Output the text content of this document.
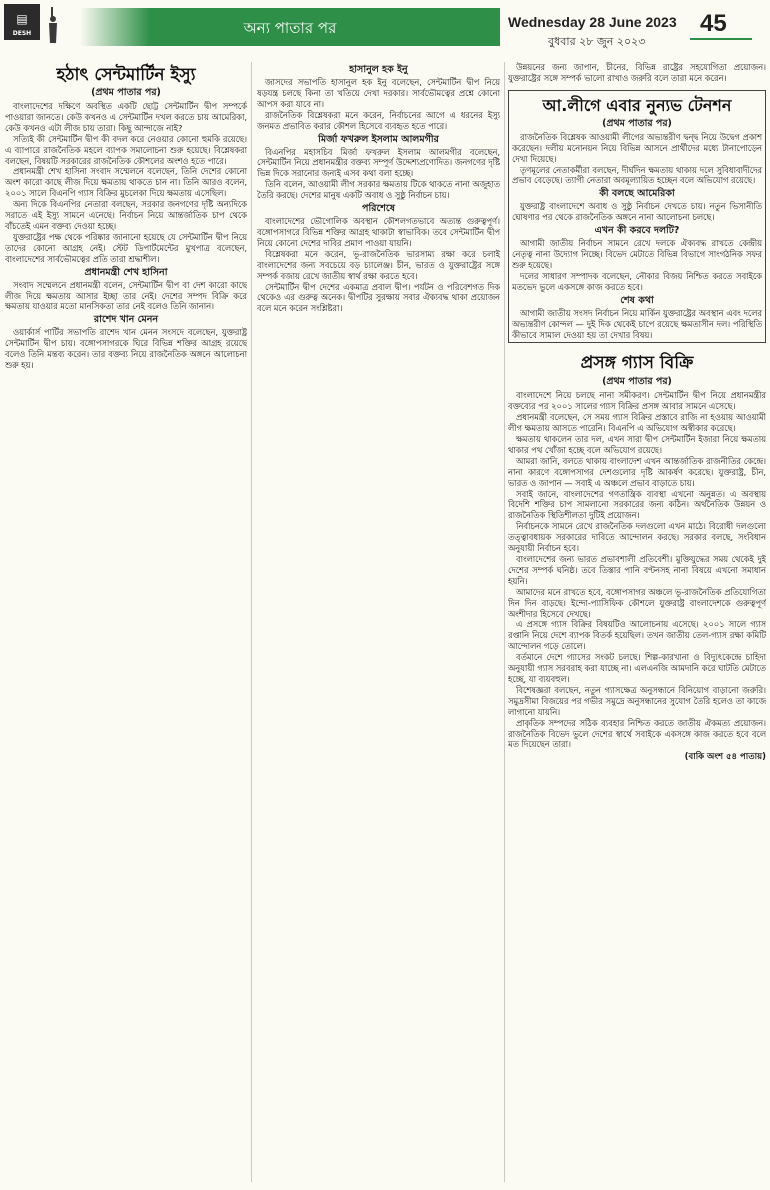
▤
DESH	অন্য পাতার পর	Wednesday 28 June 2023
বুধবার ২৮ জুন ২০২৩
45
হঠাৎ সেন্টমার্টিন ইস্যু
(প্রথম পাতার পর)

বাংলাদেশের দক্ষিণে অবস্থিত একটি ছোট্ট সেন্টমার্টিন দ্বীপ সম্পর্কে পাওয়ারা জানতে। কেউ কখনও এ সেন্টমার্টিন দখল করতে চায় আমেরিকা, কেউ কখনও এটা লীজ চায় তারা। কিছু আন্দাজে নাই?

সত্যিই কী সেন্টমার্টিন দ্বীপ কী বদল করে নেওয়ার কোনো হুমকি রয়েছে। এ ব্যাপারে রাজনৈতিক মহলে ব্যাপক সমালোচনা শুরু হয়েছে। বিশ্লেষকরা বলছেন, বিষয়টি সরকারের রাজনৈতিক কৌশলের অংশও হতে পারে।

প্রধানমন্ত্রী শেখ হাসিনা সংবাদ সম্মেলনে বলেছেন, তিনি দেশের কোনো অংশ কারো কাছে লীজ দিয়ে ক্ষমতায় থাকতে চান না। তিনি আরও বলেন, ২০০১ সালে বিএনপি গ্যাস বিক্রির মুচলেকা দিয়ে ক্ষমতায় এসেছিল।

অন্য দিকে বিএনপির নেতারা বলছেন, সরকার জনগণের দৃষ্টি অন্যদিকে সরাতে এই ইস্যু সামনে এনেছে। নির্বাচন নিয়ে আন্তর্জাতিক চাপ থেকে বাঁচতেই এমন বক্তব্য দেওয়া হচ্ছে।

যুক্তরাষ্ট্রের পক্ষ থেকে পরিষ্কার জানানো হয়েছে যে সেন্টমার্টিন দ্বীপ নিয়ে তাদের কোনো আগ্রহ নেই। স্টেট ডিপার্টমেন্টের মুখপাত্র বলেছেন, বাংলাদেশের সার্বভৌমত্বের প্রতি তারা শ্রদ্ধাশীল।

প্রধানমন্ত্রী শেখ হাসিনা

সংবাদ সম্মেলনে প্রধানমন্ত্রী বলেন, সেন্টমার্টিন দ্বীপ বা দেশ কারো কাছে লীজ দিয়ে ক্ষমতায় আসার ইচ্ছা তার নেই। দেশের সম্পদ বিক্রি করে ক্ষমতায় যাওয়ার মতো মানসিকতা তার নেই বলেও তিনি জানান।

রাশেদ খান মেনন

ওয়ার্কার্স পার্টির সভাপতি রাশেদ খান মেনন সংসদে বলেছেন, যুক্তরাষ্ট্র সেন্টমার্টিন দ্বীপ চায়। বঙ্গোপসাগরকে ঘিরে বিভিন্ন শক্তির আগ্রহ রয়েছে বলেও তিনি মন্তব্য করেন। তার বক্তব্য নিয়ে রাজনৈতিক অঙ্গনে আলোচনা শুরু হয়।

হাসানুল হক ইনু

জাসদের সভাপতি হাসানুল হক ইনু বলেছেন, সেন্টমার্টিন দ্বীপ নিয়ে ষড়যন্ত্র চলছে কিনা তা খতিয়ে দেখা দরকার। সার্বভৌমত্বের প্রশ্নে কোনো আপস করা যাবে না।

রাজনৈতিক বিশ্লেষকরা মনে করেন, নির্বাচনের আগে এ ধরনের ইস্যু জনমত প্রভাবিত করার কৌশল হিসেবে ব্যবহৃত হতে পারে।

মির্জা ফখরুল ইসলাম আলমগীর

বিএনপির মহাসচিব মির্জা ফখরুল ইসলাম আলমগীর বলেছেন, সেন্টমার্টিন নিয়ে প্রধানমন্ত্রীর বক্তব্য সম্পূর্ণ উদ্দেশ্যপ্রণোদিত। জনগণের দৃষ্টি ভিন্ন দিকে সরানোর জন্যই এসব কথা বলা হচ্ছে।

তিনি বলেন, আওয়ামী লীগ সরকার ক্ষমতায় টিকে থাকতে নানা অজুহাত তৈরি করছে। দেশের মানুষ একটি অবাধ ও সুষ্ঠু নির্বাচন চায়।

পরিশেষে

বাংলাদেশের ভৌগোলিক অবস্থান কৌশলগতভাবে অত্যন্ত গুরুত্বপূর্ণ। বঙ্গোপসাগরে বিভিন্ন শক্তির আগ্রহ থাকাটা স্বাভাবিক। তবে সেন্টমার্টিন দ্বীপ নিয়ে কোনো দেশের দাবির প্রমাণ পাওয়া যায়নি।

বিশ্লেষকরা মনে করেন, ভূ-রাজনৈতিক ভারসাম্য রক্ষা করে চলাই বাংলাদেশের জন্য সবচেয়ে বড় চ্যালেঞ্জ। চীন, ভারত ও যুক্তরাষ্ট্রের সঙ্গে সম্পর্ক বজায় রেখে জাতীয় স্বার্থ রক্ষা করতে হবে।

সেন্টমার্টিন দ্বীপ দেশের একমাত্র প্রবাল দ্বীপ। পর্যটন ও পরিবেশগত দিক থেকেও এর গুরুত্ব অনেক। দ্বীপটির সুরক্ষায় সবার ঐক্যবদ্ধ থাকা প্রয়োজন বলে মনে করেন সংশ্লিষ্টরা।

উন্নয়নের জন্য জাপান, চীনের, বিভিন্ন রাষ্ট্রের সহযোগিতা প্রয়োজন। যুক্তরাষ্ট্রের সঙ্গে সম্পর্ক ভালো রাখাও জরুরি বলে তারা মনে করেন।

আ.লীগে এবার নুন্যভ টেনশন
(প্রথম পাতার পর)

রাজনৈতিক বিশ্লেষক আওয়ামী লীগের অভ্যন্তরীণ দ্বন্দ্ব নিয়ে উদ্বেগ প্রকাশ করেছেন। দলীয় মনোনয়ন নিয়ে বিভিন্ন আসনে প্রার্থীদের মধ্যে টানাপোড়েন দেখা দিয়েছে।

তৃণমূলের নেতাকর্মীরা বলছেন, দীর্ঘদিন ক্ষমতায় থাকায় দলে সুবিধাবাদীদের প্রভাব বেড়েছে। ত্যাগী নেতারা অবমূল্যায়িত হচ্ছেন বলে অভিযোগ রয়েছে।

কী বলছে আমেরিকা

যুক্তরাষ্ট্র বাংলাদেশে অবাধ ও সুষ্ঠু নির্বাচন দেখতে চায়। নতুন ভিসানীতি ঘোষণার পর থেকে রাজনৈতিক অঙ্গনে নানা আলোচনা চলছে।

এখন কী করবে দলটি?

আগামী জাতীয় নির্বাচন সামনে রেখে দলকে ঐক্যবদ্ধ রাখতে কেন্দ্রীয় নেতৃত্ব নানা উদ্যোগ নিচ্ছে। বিভেদ মেটাতে বিভিন্ন বিভাগে সাংগঠনিক সফর শুরু হয়েছে।

দলের সাধারণ সম্পাদক বলেছেন, নৌকার বিজয় নিশ্চিত করতে সবাইকে মতভেদ ভুলে একসঙ্গে কাজ করতে হবে।

শেষ কথা

আগামী জাতীয় সংসদ নির্বাচন নিয়ে মার্কিন যুক্তরাষ্ট্রের অবস্থান এবং দলের অভ্যন্তরীণ কোন্দল — দুই দিক থেকেই চাপে রয়েছে ক্ষমতাসীন দল। পরিস্থিতি কীভাবে সামাল দেওয়া হয় তা দেখার বিষয়।

প্রসঙ্গ গ্যাস বিক্রি
(প্রথম পাতার পর)

বাংলাদেশে নিয়ে চলছে নানা সমীকরণ। সেন্টমার্টিন দ্বীপ নিয়ে প্রধানমন্ত্রীর বক্তব্যের পর ২০০১ সালের গ্যাস বিক্রির প্রসঙ্গ আবার সামনে এসেছে।

প্রধানমন্ত্রী বলেছেন, সে সময় গ্যাস বিক্রির প্রস্তাবে রাজি না হওয়ায় আওয়ামী লীগ ক্ষমতায় আসতে পারেনি। বিএনপি এ অভিযোগ অস্বীকার করেছে।

ক্ষমতায় থাকলেন তার দল, এখন সারা দ্বীপ সেন্টমার্টিন ইজারা নিয়ে ক্ষমতায় থাকার পথ খোঁজা হচ্ছে বলে অভিযোগ রয়েছে।

আমরা জানি, বলতে থাকায় বাংলাদেশ এখন আন্তর্জাতিক রাজনীতির কেন্দ্রে। নানা কারণে বঙ্গোপসাগর দেশগুলোর দৃষ্টি আকর্ষণ করেছে। যুক্তরাষ্ট্র, চীন, ভারত ও জাপান — সবাই এ অঞ্চলে প্রভাব বাড়াতে চায়।

সবাই জানে, বাংলাদেশের গণতান্ত্রিক ব্যবস্থা এখনো অনুন্নত। এ অবস্থায় বিদেশি শক্তির চাপ সামলানো সরকারের জন্য কঠিন। অর্থনৈতিক উন্নয়ন ও রাজনৈতিক স্থিতিশীলতা দুটিই প্রয়োজন।

নির্বাচনকে সামনে রেখে রাজনৈতিক দলগুলো এখন মাঠে। বিরোধী দলগুলো তত্ত্বাবধায়ক সরকারের দাবিতে আন্দোলন করছে। সরকার বলছে, সংবিধান অনুযায়ী নির্বাচন হবে।

বাংলাদেশের জন্য ভারত প্রভাবশালী প্রতিবেশী। মুক্তিযুদ্ধের সময় থেকেই দুই দেশের সম্পর্ক ঘনিষ্ঠ। তবে তিস্তার পানি বণ্টনসহ নানা বিষয়ে এখনো সমাধান হয়নি।

আমাদের মনে রাখতে হবে, বঙ্গোপসাগর অঞ্চলে ভূ-রাজনৈতিক প্রতিযোগিতা দিন দিন বাড়ছে। ইন্দো-প্যাসিফিক কৌশলে যুক্তরাষ্ট্র বাংলাদেশকে গুরুত্বপূর্ণ অংশীদার হিসেবে দেখছে।

এ প্রসঙ্গে গ্যাস বিক্রির বিষয়টিও আলোচনায় এসেছে। ২০০১ সালে গ্যাস রপ্তানি নিয়ে দেশে ব্যাপক বিতর্ক হয়েছিল। তখন জাতীয় তেল-গ্যাস রক্ষা কমিটি আন্দোলন গড়ে তোলে।

বর্তমানে দেশে গ্যাসের সংকট চলছে। শিল্প-কারখানা ও বিদ্যুৎকেন্দ্রে চাহিদা অনুযায়ী গ্যাস সরবরাহ করা যাচ্ছে না। এলএনজি আমদানি করে ঘাটতি মেটাতে হচ্ছে, যা ব্যয়বহুল।

বিশেষজ্ঞরা বলছেন, নতুন গ্যাসক্ষেত্র অনুসন্ধানে বিনিয়োগ বাড়ানো জরুরি। সমুদ্রসীমা বিজয়ের পর গভীর সমুদ্রে অনুসন্ধানের সুযোগ তৈরি হলেও তা কাজে লাগানো যায়নি।

প্রাকৃতিক সম্পদের সঠিক ব্যবহার নিশ্চিত করতে জাতীয় ঐকমত্য প্রয়োজন। রাজনৈতিক বিভেদ ভুলে দেশের স্বার্থে সবাইকে একসঙ্গে কাজ করতে হবে বলে মত দিয়েছেন তারা।

(বাকি অংশ ৫৪ পাতায়)
